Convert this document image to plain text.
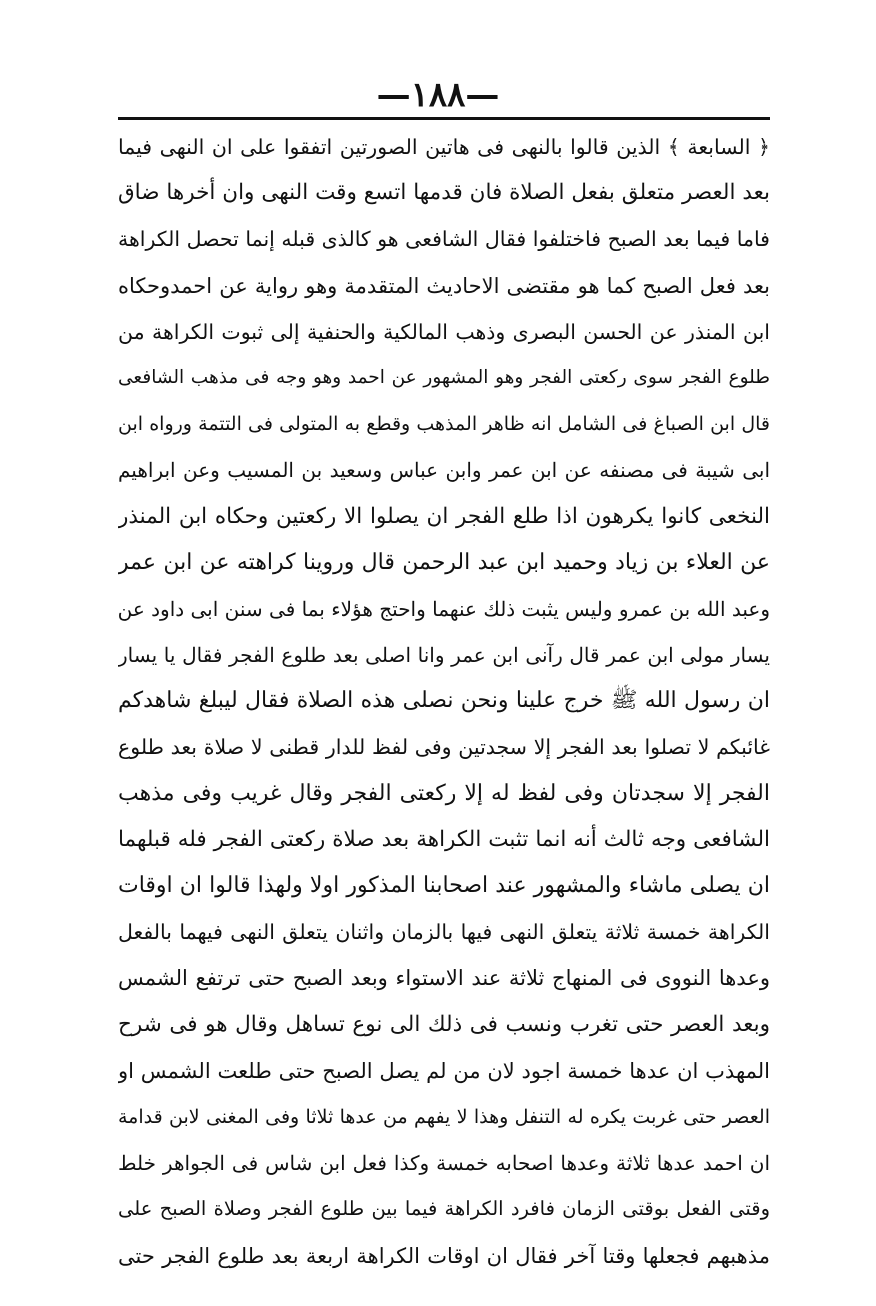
—۱۸۸—
﴿ السابعة ﴾ الذين قالوا بالنهى فى هاتين الصورتين اتفقوا على ان النهى فيما
بعد العصر متعلق بفعل الصلاة فان قدمها اتسع وقت النهى وان أخرها ضاق
فاما فيما بعد الصبح فاختلفوا فقال الشافعى هو كالذى قبله إنما تحصل الكراهة
بعد فعل الصبح كما هو مقتضى الاحاديث المتقدمة وهو رواية عن احمدوحكاه
ابن المنذر عن الحسن البصرى وذهب المالكية والحنفية إلى ثبوت الكراهة من
طلوع الفجر سوى ركعتى الفجر وهو المشهور عن احمد وهو وجه فى مذهب الشافعى
قال ابن الصباغ فى الشامل انه ظاهر المذهب وقطع به المتولى فى التتمة ورواه ابن
ابى شيبة فى مصنفه عن ابن عمر وابن عباس وسعيد بن المسيب وعن ابراهيم
النخعى كانوا يكرهون اذا طلع الفجر ان يصلوا الا ركعتين وحكاه ابن المنذر
عن العلاء بن زياد وحميد ابن عبد الرحمن قال وروينا كراهته عن ابن عمر
وعبد الله بن عمرو وليس يثبت ذلك عنهما واحتج هؤلاء بما فى سنن ابى داود عن
يسار مولى ابن عمر قال رآنى ابن عمر وانا اصلى بعد طلوع الفجر فقال يا يسار
ان رسول الله ﷺ خرج علينا ونحن نصلى هذه الصلاة فقال ليبلغ شاهدكم
غائبكم لا تصلوا بعد الفجر إلا سجدتين وفى لفظ للدار قطنى لا صلاة بعد طلوع
الفجر إلا سجدتان وفى لفظ له إلا ركعتى الفجر وقال غريب وفى مذهب
الشافعى وجه ثالث أنه انما تثبت الكراهة بعد صلاة ركعتى الفجر فله قبلهما
ان يصلى ماشاء والمشهور عند اصحابنا المذكور اولا ولهذا قالوا ان اوقات
الكراهة خمسة ثلاثة يتعلق النهى فيها بالزمان واثنان يتعلق النهى فيهما بالفعل
وعدها النووى فى المنهاج ثلاثة عند الاستواء وبعد الصبح حتى ترتفع الشمس
وبعد العصر حتى تغرب ونسب فى ذلك الى نوع تساهل وقال هو فى شرح
المهذب ان عدها خمسة اجود لان من لم يصل الصبح حتى طلعت الشمس او
العصر حتى غربت يكره له التنفل وهذا لا يفهم من عدها ثلاثا وفى المغنى لابن قدامة
ان احمد عدها ثلاثة وعدها اصحابه خمسة وكذا فعل ابن شاس فى الجواهر خلط
وقتى الفعل بوقتى الزمان فافرد الكراهة فيما بين طلوع الفجر وصلاة الصبح على
مذهبهم فجعلها وقتا آخر فقال ان اوقات الكراهة اربعة بعد طلوع الفجر حتى
